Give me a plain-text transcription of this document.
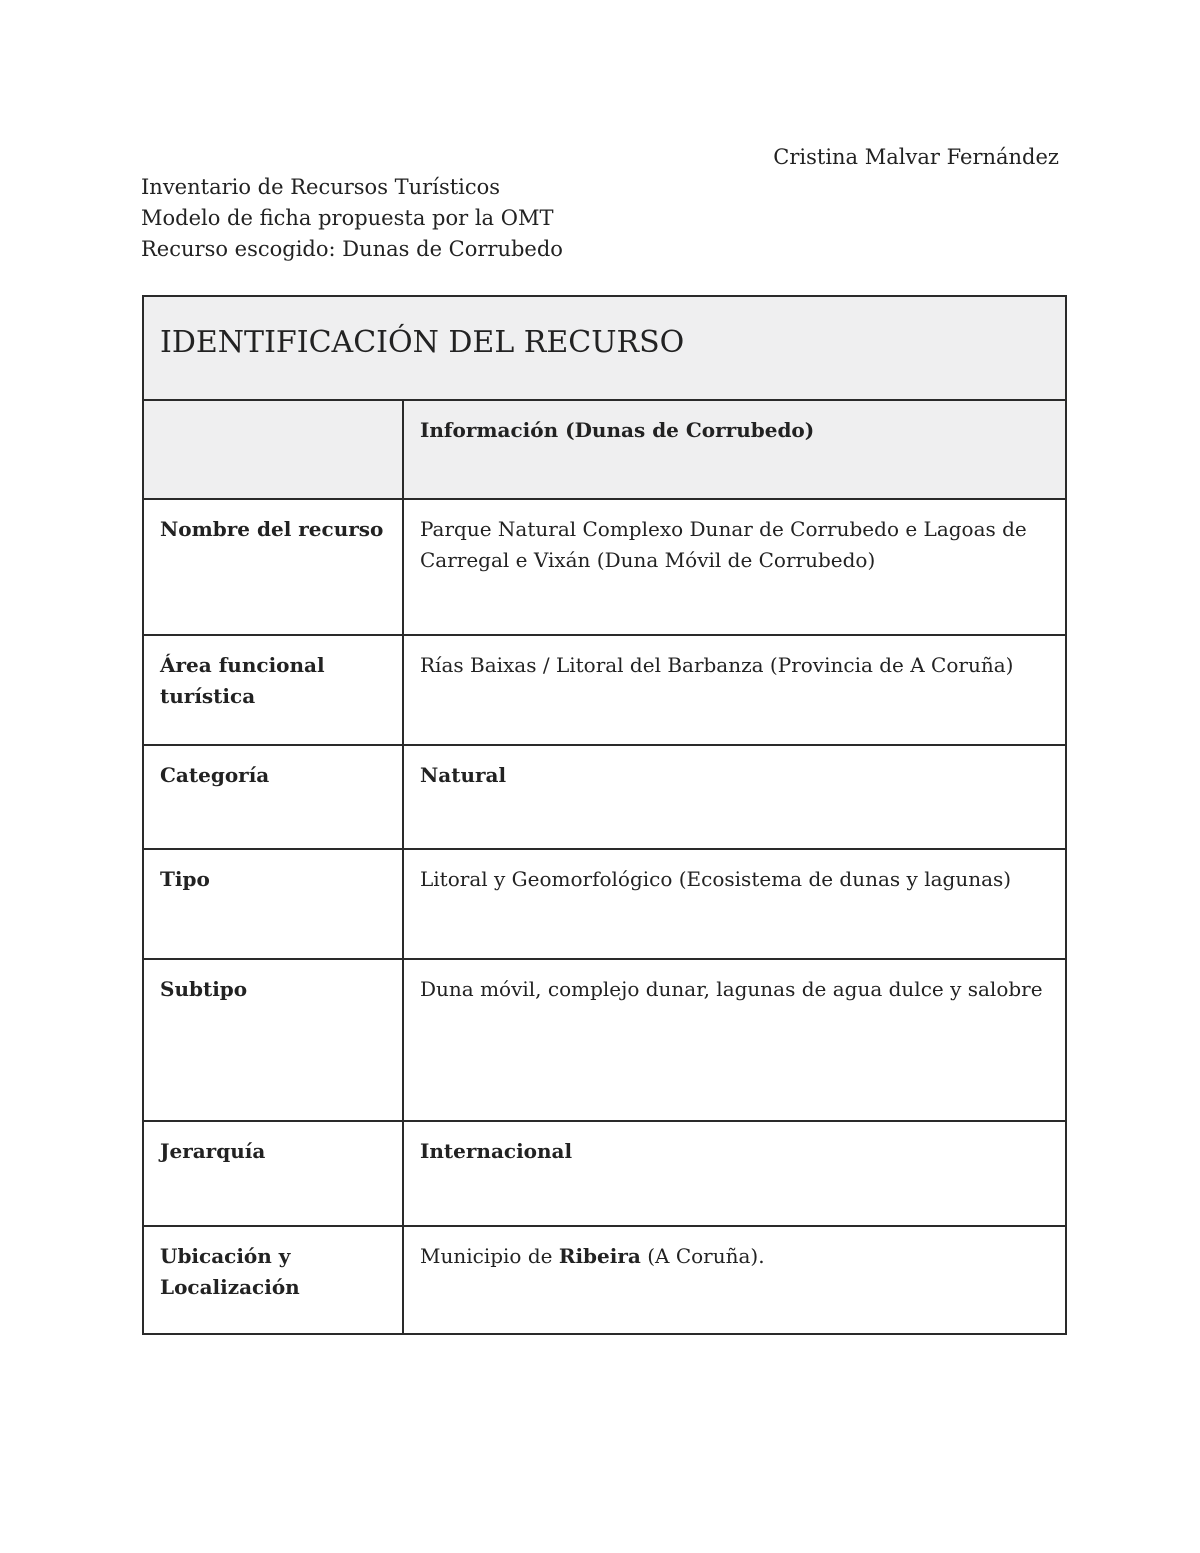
Cristina Malvar Fernández
Inventario de Recursos Turísticos
Modelo de ficha propuesta por la OMT
Recurso escogido: Dunas de Corrubedo
IDENTIFICACIÓN DEL RECURSO	
	Información (Dunas de Corrubedo)
Nombre del recurso	Parque Natural Complexo Dunar de Corrubedo e Lagoas de Carregal e Vixán (Duna Móvil de Corrubedo)
Área funcional turística	Rías Baixas / Litoral del Barbanza (Provincia de A Coruña)
Categoría	Natural
Tipo	Litoral y Geomorfológico (Ecosistema de dunas y lagunas)
Subtipo	Duna móvil, complejo dunar, lagunas de agua dulce y salobre
Jerarquía	Internacional
Ubicación y Localización	Municipio de Ribeira (A Coruña).
